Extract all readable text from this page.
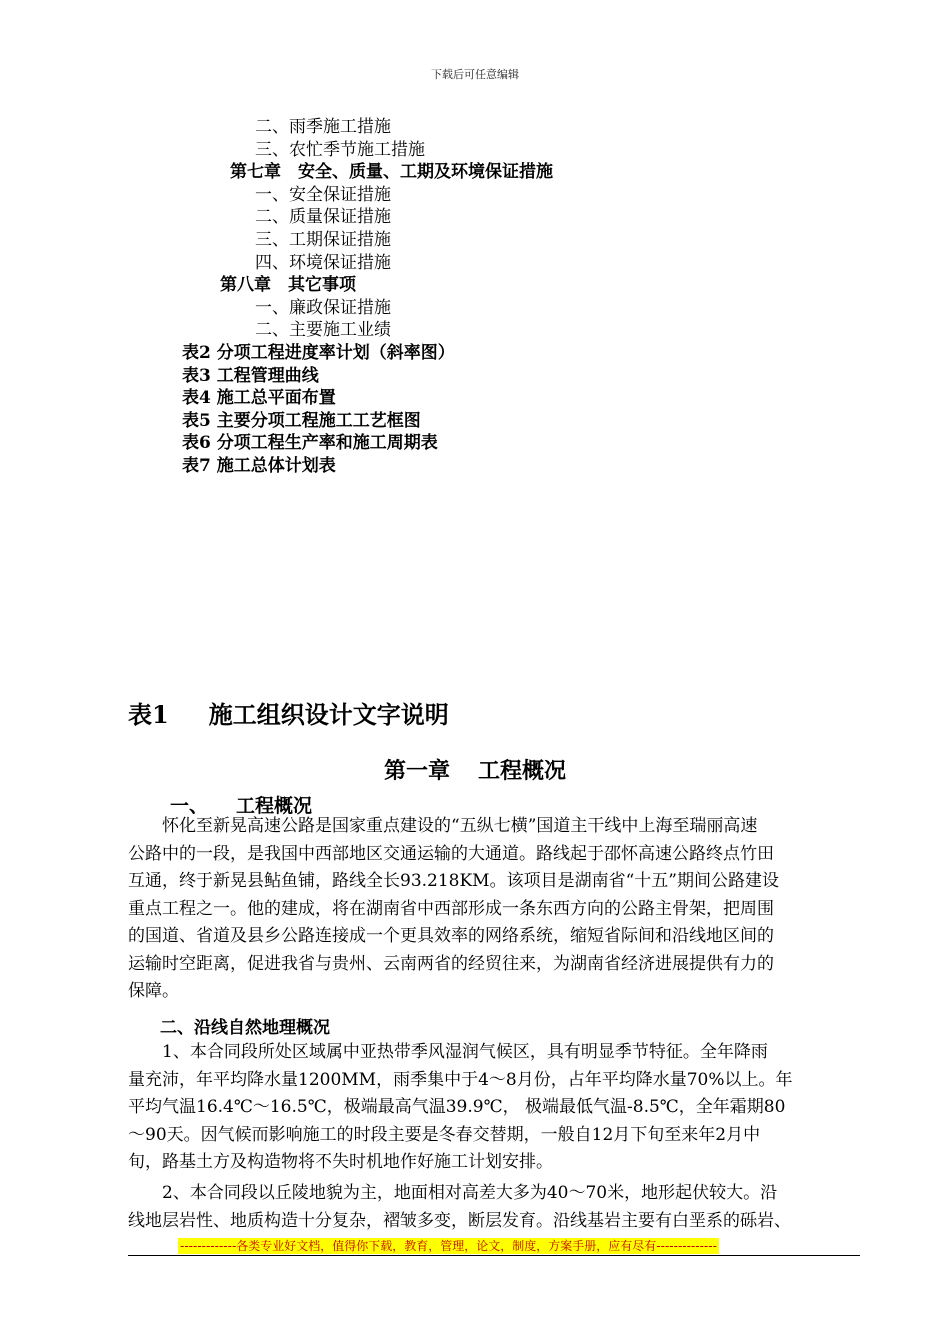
下载后可任意编辑
二、雨季施工措施
三、农忙季节施工措施
第七章　安全、质量、工期及环境保证措施
一、安全保证措施
二、质量保证措施
三、工期保证措施
四、环境保证措施
第八章　其它事项
一、廉政保证措施
二、主要施工业绩
表2 分项工程进度率计划（斜率图）
表3 工程管理曲线
表4 施工总平面布置
表5 主要分项工程施工工艺框图
表6 分项工程生产率和施工周期表
表7 施工总体计划表
表1 施工组织设计文字说明
第一章 工程概况
一、 工程概况
　　怀化至新晃高速公路是国家重点建设的“五纵七横”国道主干线中上海至瑞丽高速
公路中的一段，是我国中西部地区交通运输的大通道。路线起于邵怀高速公路终点竹田
互通，终于新晃县鲇鱼铺，路线全长93.218KM。该项目是湖南省“十五”期间公路建设
重点工程之一。他的建成，将在湖南省中西部形成一条东西方向的公路主骨架，把周围
的国道、省道及县乡公路连接成一个更具效率的网络系统，缩短省际间和沿线地区间的
运输时空距离，促进我省与贵州、云南两省的经贸往来，为湖南省经济进展提供有力的
保障。
二、沿线自然地理概况
　　1、本合同段所处区域属中亚热带季风湿润气候区，具有明显季节特征。全年降雨
量充沛，年平均降水量1200MM，雨季集中于4～8月份，占年平均降水量70%以上。年
平均气温16.4℃～16.5℃，极端最高气温39.9℃， 极端最低气温-8.5℃，全年霜期80
～90天。因气候而影响施工的时段主要是冬春交替期，一般自12月下旬至来年2月中
旬，路基土方及构造物将不失时机地作好施工计划安排。
　　2、本合同段以丘陵地貌为主，地面相对高差大多为40～70米，地形起伏较大。沿
线地层岩性、地质构造十分复杂，褶皱多变，断层发育。沿线基岩主要有白垩系的砾岩、
-------------各类专业好文档，值得你下载，教育，管理，论文，制度，方案手册，应有尽有--------------
